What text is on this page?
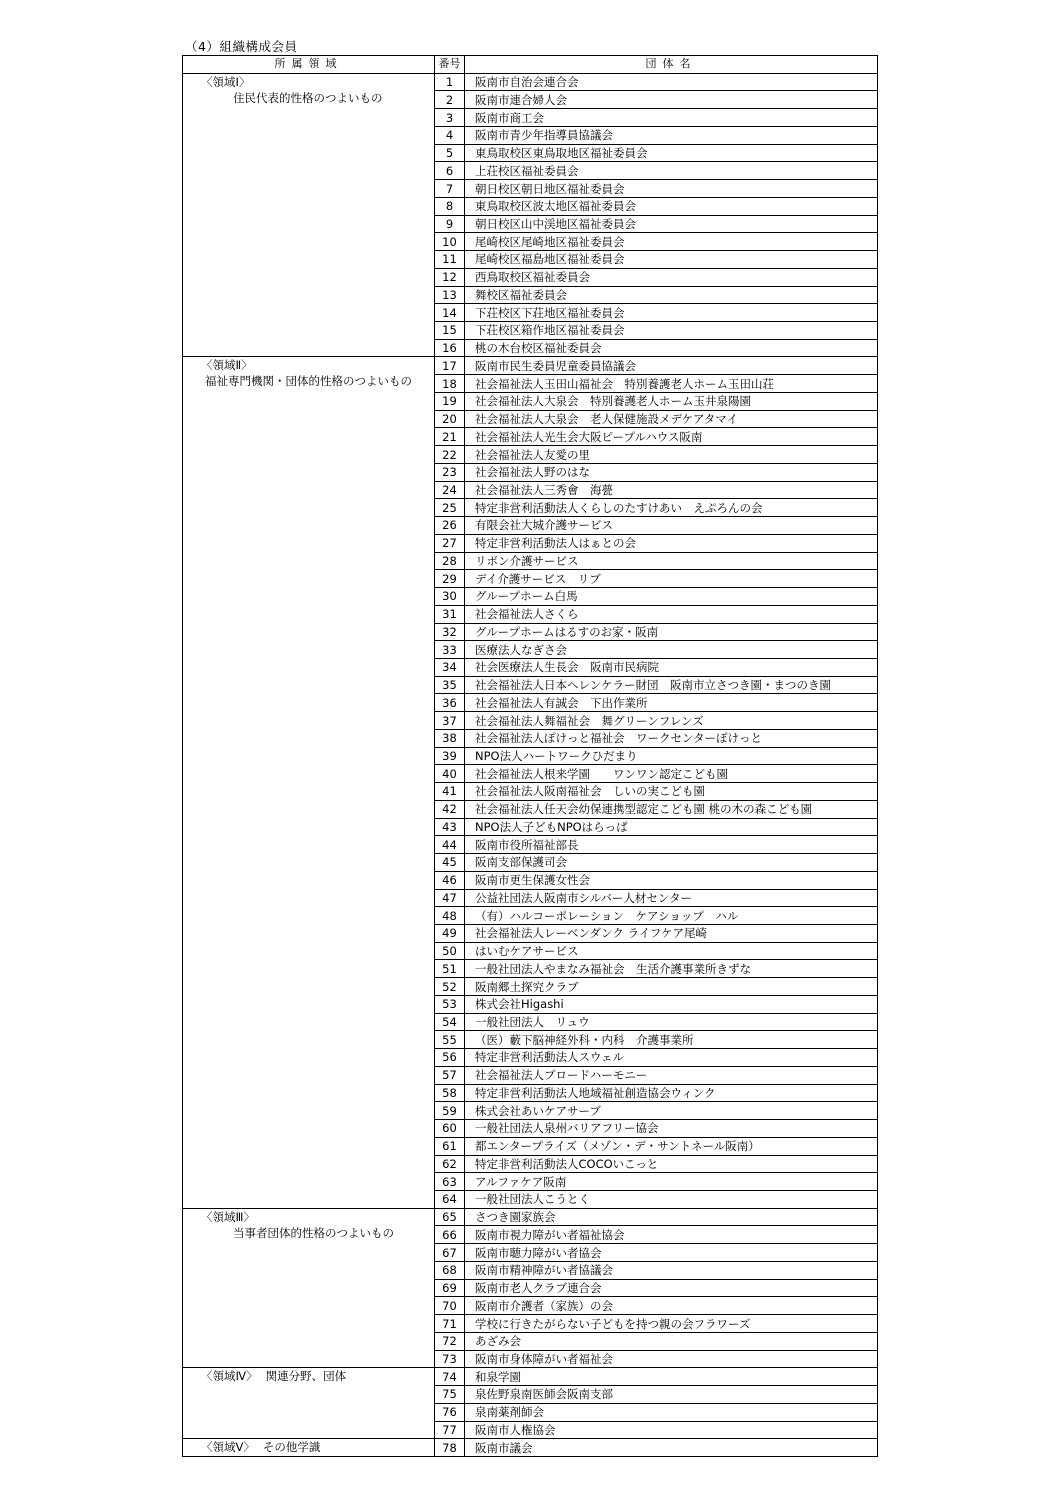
（4）組織構成会員
所属領域	番号	団体名

〈領域Ⅰ〉
住民代表的性格のつよいもの	1	阪南市自治会連合会
	2	阪南市連合婦人会
	3	阪南市商工会
	4	阪南市青少年指導員協議会
	5	東鳥取校区東鳥取地区福祉委員会
	6	上荘校区福祉委員会
	7	朝日校区朝日地区福祉委員会
	8	東鳥取校区波太地区福祉委員会
	9	朝日校区山中渓地区福祉委員会
	10	尾崎校区尾崎地区福祉委員会
	11	尾崎校区福島地区福祉委員会
	12	西鳥取校区福祉委員会
	13	舞校区福祉委員会
	14	下荘校区下荘地区福祉委員会
	15	下荘校区箱作地区福祉委員会
	16	桃の木台校区福祉委員会

〈領域Ⅱ〉
福祉専門機関・団体的性格のつよいもの	17	阪南市民生委員児童委員協議会
	18	社会福祉法人玉田山福祉会　特別養護老人ホーム玉田山荘
	19	社会福祉法人大泉会　特別養護老人ホーム玉井泉陽園
	20	社会福祉法人大泉会　老人保健施設メデケアタマイ
	21	社会福祉法人光生会大阪ピープルハウス阪南
	22	社会福祉法人友愛の里
	23	社会福祉法人野のはな
	24	社会福祉法人三秀會　海甍
	25	特定非営利活動法人くらしのたすけあい　えぷろんの会
	26	有限会社大城介護サービス
	27	特定非営利活動法人はぁとの会
	28	リボン介護サービス
	29	デイ介護サービス　リブ
	30	グループホーム白馬
	31	社会福祉法人さくら
	32	グループホームはるすのお家・阪南
	33	医療法人なぎさ会
	34	社会医療法人生長会　阪南市民病院
	35	社会福祉法人日本ヘレンケラー財団　阪南市立さつき園・まつのき園
	36	社会福祉法人有誠会　下出作業所
	37	社会福祉法人舞福祉会　舞グリーンフレンズ
	38	社会福祉法人ぽけっと福祉会　ワークセンターぽけっと
	39	NPO法人ハートワークひだまり
	40	社会福祉法人根来学園　　ワンワン認定こども園
	41	社会福祉法人阪南福祉会　しいの実こども園
	42	社会福祉法人任天会幼保連携型認定こども園 桃の木の森こども園
	43	NPO法人子どもNPOはらっぱ
	44	阪南市役所福祉部長
	45	阪南支部保護司会
	46	阪南市更生保護女性会
	47	公益社団法人阪南市シルバー人材センター
	48	（有）ハルコーポレーション　ケアショップ　ハル
	49	社会福祉法人レーベンダンク ライフケア尾崎
	50	はいむケアサービス
	51	一般社団法人やまなみ福祉会　生活介護事業所きずな
	52	阪南郷土探究クラブ
	53	株式会社Higashi
	54	一般社団法人　リュウ
	55	（医）藪下脳神経外科・内科　介護事業所
	56	特定非営利活動法人スウェル
	57	社会福祉法人ブロードハーモニー
	58	特定非営利活動法人地域福祉創造協会ウィンク
	59	株式会社あいケアサーブ
	60	一般社団法人泉州バリアフリー協会
	61	都エンタープライズ（メゾン・デ・サントネール阪南）
	62	特定非営利活動法人COCOいこっと
	63	アルファケア阪南
	64	一般社団法人こうとく

〈領域Ⅲ〉
当事者団体的性格のつよいもの	65	さつき園家族会
	66	阪南市視力障がい者福祉協会
	67	阪南市聴力障がい者協会
	68	阪南市精神障がい者協議会
	69	阪南市老人クラブ連合会
	70	阪南市介護者（家族）の会
	71	学校に行きたがらない子どもを持つ親の会フラワーズ
	72	あざみ会
	73	阪南市身体障がい者福祉会
〈領域Ⅳ〉 関連分野、団体	74	和泉学園
	75	泉佐野泉南医師会阪南支部
	76	泉南薬剤師会
	77	阪南市人権協会
〈領域Ⅴ〉 その他学識	78	阪南市議会
